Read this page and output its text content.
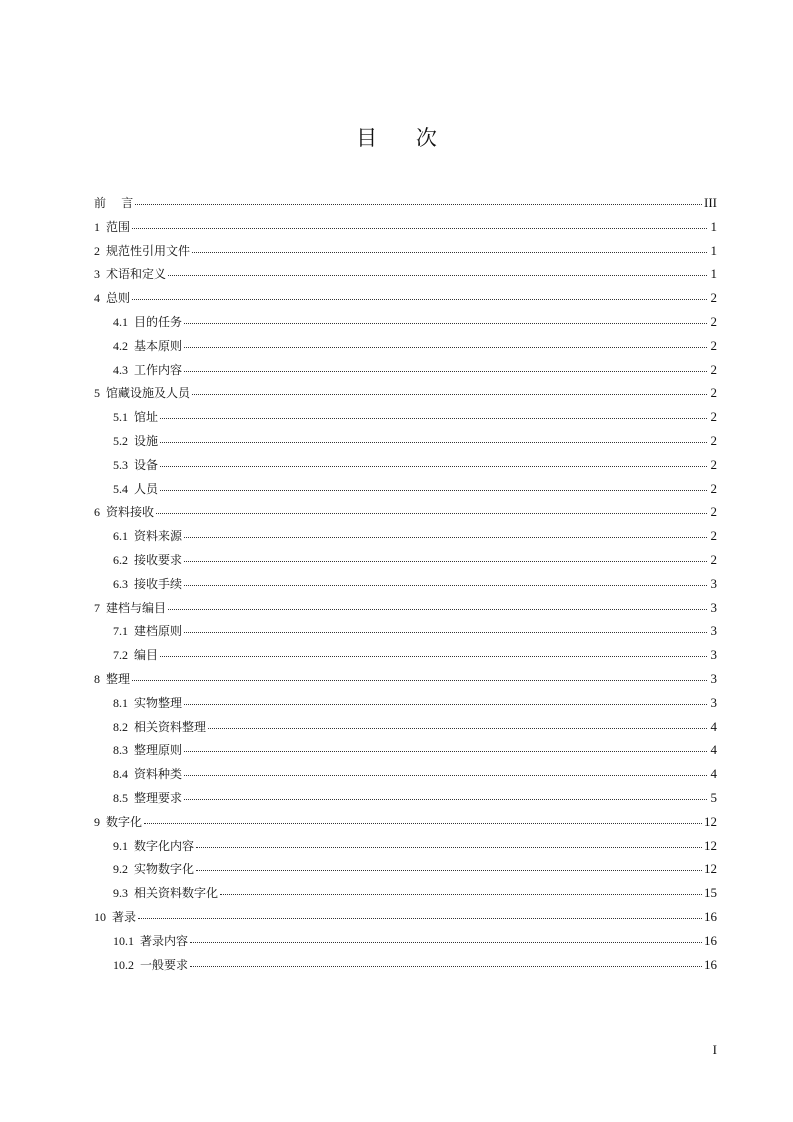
目 次
前    言	III
1 范围	1
2 规范性引用文件	1
3 术语和定义	1
4 总则	2
4.1 目的任务	2
4.2 基本原则	2
4.3 工作内容	2
5 馆藏设施及人员	2
5.1 馆址	2
5.2 设施	2
5.3 设备	2
5.4 人员	2
6 资料接收	2
6.1 资料来源	2
6.2 接收要求	2
6.3 接收手续	3
7 建档与编目	3
7.1 建档原则	3
7.2 编目	3
8 整理	3
8.1 实物整理	3
8.2 相关资料整理	4
8.3 整理原则	4
8.4 资料种类	4
8.5 整理要求	5
9 数字化	12
9.1 数字化内容	12
9.2 实物数字化	12
9.3 相关资料数字化	15
10 著录	16
10.1 著录内容	16
10.2 一般要求	16
I
